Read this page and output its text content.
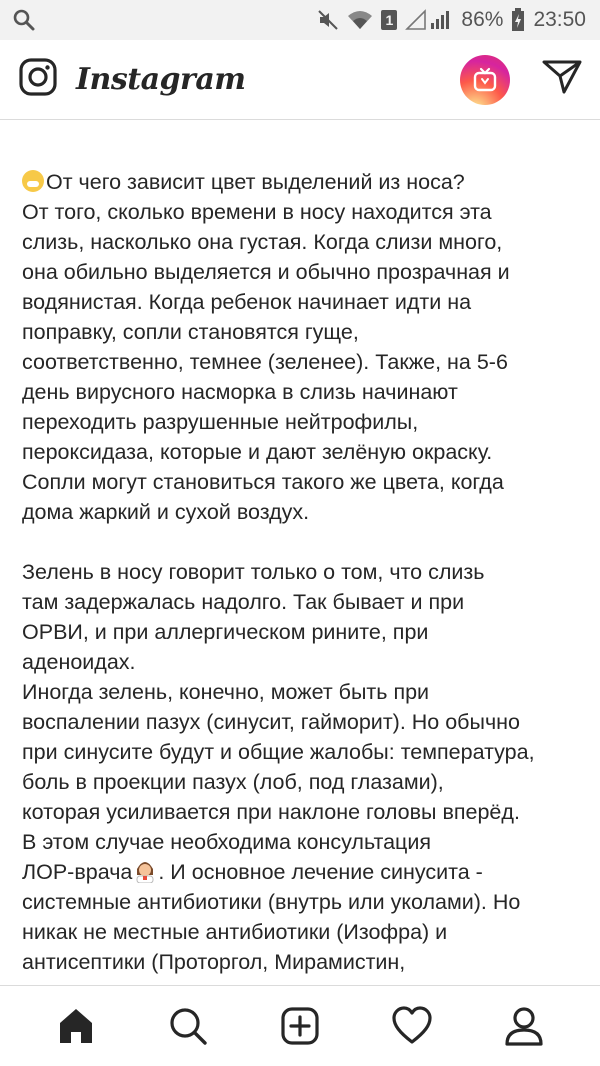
1	86% 23:50
Instagram

От чего зависит цвет выделений из носа?
От того, сколько времени в носу находится эта
слизь, насколько она густая. Когда слизи много,
она обильно выделяется и обычно прозрачная и
водянистая. Когда ребенок начинает идти на
поправку, сопли становятся гуще,
соответственно, темнее (зеленее). Также, на 5-6
день вирусного насморка в слизь начинают
переходить разрушенные нейтрофилы,
пероксидаза, которые и дают зелёную окраску.
Сопли могут становиться такого же цвета, когда
дома жаркий и сухой воздух.

Зелень в носу говорит только о том, что слизь
там задержалась надолго. Так бывает и при
ОРВИ, и при аллергическом рините, при
аденоидах.
Иногда зелень, конечно, может быть при
воспалении пазух (синусит, гайморит). Но обычно
при синусите будут и общие жалобы: температура,
боль в проекции пазух (лоб, под глазами),
которая усиливается при наклоне головы вперёд.
В этом случае необходима консультация
ЛОР-врача . И основное лечение синусита -
системные антибиотики (внутрь или уколами). Но
никак не местные антибиотики (Изофра) и
антисептики (Проторгол, Мирамистин,
